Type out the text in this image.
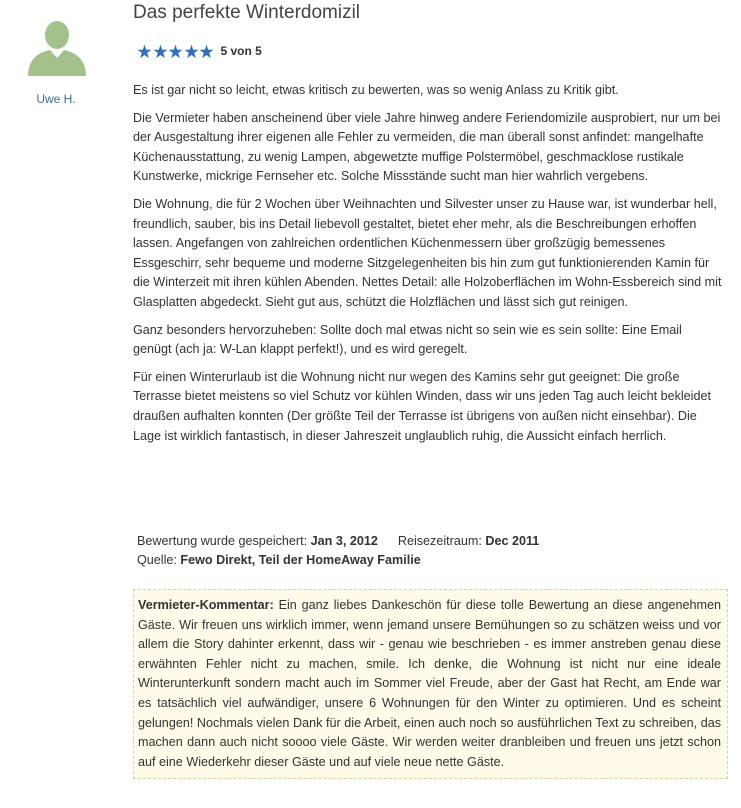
Uwe H.
Das perfekte Winterdomizil
5 von 5

Es ist gar nicht so leicht, etwas kritisch zu bewerten, was so wenig Anlass zu Kritik gibt.

Die Vermieter haben anscheinend über viele Jahre hinweg andere Feriendomizile ausprobiert, nur um bei der Ausgestaltung ihrer eigenen alle Fehler zu vermeiden, die man überall sonst anfindet: mangelhafte Küchenausstattung, zu wenig Lampen, abgewetzte muffige Polstermöbel, geschmacklose rustikale Kunstwerke, mickrige Fernseher etc. Solche Missstände sucht man hier wahrlich vergebens.

Die Wohnung, die für 2 Wochen über Weihnachten und Silvester unser zu Hause war, ist wunderbar hell, freundlich, sauber, bis ins Detail liebevoll gestaltet, bietet eher mehr, als die Beschreibungen erhoffen lassen. Angefangen von zahlreichen ordentlichen Küchenmessern über großzügig bemessenes Essgeschirr, sehr bequeme und moderne Sitzgelegenheiten bis hin zum gut funktionierenden Kamin für die Winterzeit mit ihren kühlen Abenden. Nettes Detail: alle Holzoberflächen im Wohn-Essbereich sind mit Glasplatten abgedeckt. Sieht gut aus, schützt die Holzflächen und lässt sich gut reinigen.

Ganz besonders hervorzuheben: Sollte doch mal etwas nicht so sein wie es sein sollte: Eine Email genügt (ach ja: W-Lan klappt perfekt!), und es wird geregelt.

Für einen Winterurlaub ist die Wohnung nicht nur wegen des Kamins sehr gut geeignet: Die große Terrasse bietet meistens so viel Schutz vor kühlen Winden, dass wir uns jeden Tag auch leicht bekleidet draußen aufhalten konnten (Der größte Teil der Terrasse ist übrigens von außen nicht einsehbar). Die Lage ist wirklich fantastisch, in dieser Jahreszeit unglaublich ruhig, die Aussicht einfach herrlich.

Bewertung wurde gespeichert: Jan 3, 2012 Reisezeitraum: Dec 2011
Quelle: Fewo Direkt, Teil der HomeAway Familie
Vermieter-Kommentar: Ein ganz liebes Dankeschön für diese tolle Bewertung an diese angenehmen Gäste. Wir freuen uns wirklich immer, wenn jemand unsere Bemühungen so zu schätzen weiss und vor allem die Story dahinter erkennt, dass wir - genau wie beschrieben - es immer anstreben genau diese erwähnten Fehler nicht zu machen, smile. Ich denke, die Wohnung ist nicht nur eine ideale Winterunterkunft sondern macht auch im Sommer viel Freude, aber der Gast hat Recht, am Ende war es tatsächlich viel aufwändiger, unsere 6 Wohnungen für den Winter zu optimieren. Und es scheint gelungen! Nochmals vielen Dank für die Arbeit, einen auch noch so ausführlichen Text zu schreiben, das machen dann auch nicht soooo viele Gäste. Wir werden weiter dranbleiben und freuen uns jetzt schon auf eine Wiederkehr dieser Gäste und auf viele neue nette Gäste.
